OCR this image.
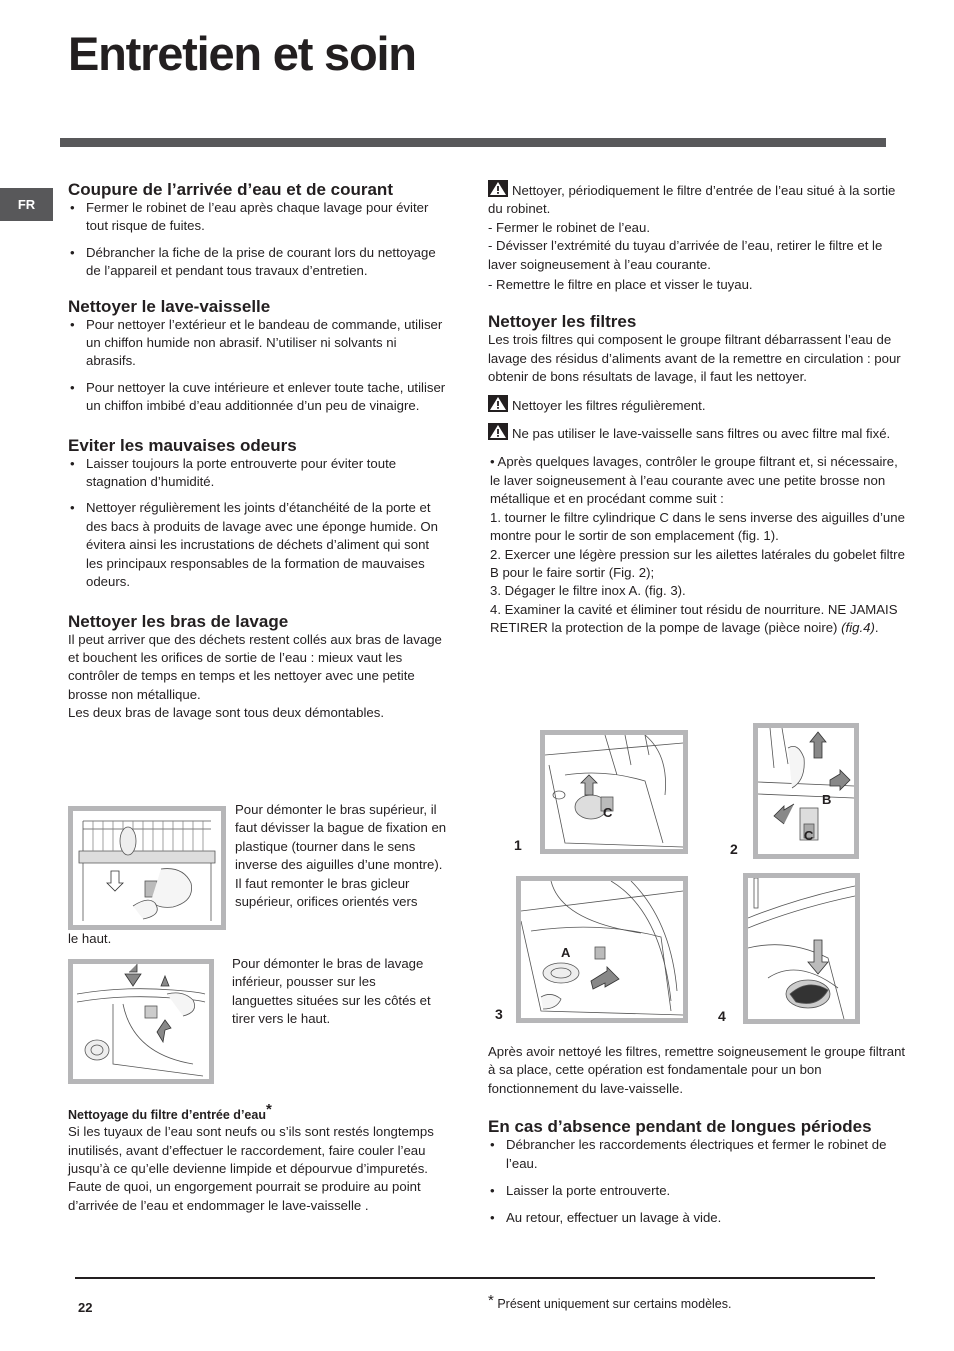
Entretien et soin
FR
Coupure de l’arrivée d’eau et de courant
• Fermer le robinet de l’eau après chaque lavage pour éviter tout risque de fuites.
• Débrancher la fiche de la prise de courant lors du nettoyage de l’appareil et pendant tous travaux d’entretien.
Nettoyer le lave-vaisselle
• Pour nettoyer l’extérieur et le bandeau de commande, utiliser un chiffon humide non abrasif. N’utiliser ni solvants ni abrasifs.
• Pour nettoyer la cuve intérieure et enlever toute tache, utiliser un chiffon imbibé d’eau additionnée d’un peu de vinaigre.
Eviter les mauvaises odeurs
• Laisser toujours la porte entrouverte pour éviter toute stagnation d’humidité.
• Nettoyer régulièrement les joints d’étanchéité de la porte et des bacs à produits de lavage avec une éponge humide. On évitera ainsi les incrustations de déchets d’aliment qui sont les principaux responsables de la formation de mauvaises odeurs.
Nettoyer les bras de lavage

Il peut arriver que des déchets restent collés aux bras de lavage et bouchent les orifices de sortie de l’eau : mieux vaut les contrôler de temps en temps et les nettoyer avec une petite brosse non métallique.

Les deux bras de lavage sont tous deux démontables.

Pour démonter le bras supérieur, il faut dévisser la bague de fixation en plastique (tourner dans le sens inverse des aiguilles d’une montre). Il faut remonter le bras gicleur supérieur, orifices orientés vers

le haut.

Pour démonter le bras de lavage inférieur, pousser sur les languettes situées sur les côtés et tirer vers le haut.

Nettoyage du filtre d’entrée d’eau*

Si les tuyaux de l’eau sont neufs ou s’ils sont restés longtemps inutilisés, avant d’effectuer le raccordement, faire couler l’eau jusqu’à ce qu’elle devienne limpide et dépourvue d’impuretés. Faute de quoi, un engorgement pourrait se produire au point d’arrivée de l’eau et endommager le lave-vaisselle .

Nettoyer, périodiquement le filtre d’entrée de l’eau situé à la sortie du robinet.

- Fermer le robinet de l’eau.

- Dévisser l’extrémité du tuyau d’arrivée de l’eau, retirer le filtre et le laver soigneusement à l’eau courante.

- Remettre le filtre en place et visser le tuyau.

Nettoyer les filtres

Les trois filtres qui composent le groupe filtrant débarrassent l’eau de lavage des résidus d’aliments avant de la remettre en circulation : pour obtenir de bons résultats de lavage, il faut les nettoyer.

Nettoyer les filtres régulièrement.

Ne pas utiliser le lave-vaisselle sans filtres ou avec filtre mal fixé.

• Après quelques lavages, contrôler le groupe filtrant et, si nécessaire, le laver soigneusement à l’eau courante avec une petite brosse non métallique et en procédant comme suit :

1. tourner le filtre cylindrique C dans le sens inverse des aiguilles d’une montre pour le sortir de son emplacement (fig. 1).

2. Exercer une légère pression sur les ailettes latérales du gobelet filtre B pour le faire sortir (Fig. 2);

3. Dégager le filtre inox A. (fig. 3).

4. Examiner la cavité et éliminer tout résidu de nourriture. NE JAMAIS RETIRER la protection de la pompe de lavage (pièce noire) (fig.4).

C
1
B
C
2
A
3	4

Après avoir nettoyé les filtres, remettre soigneusement le groupe filtrant à sa place, cette opération est fondamentale pour un bon fonctionnement du lave-vaisselle.

En cas d’absence pendant de longues périodes
• Débrancher les raccordements électriques et fermer le robinet de l’eau.
• Laisser la porte entrouverte.
• Au retour, effectuer un lavage à vide.
22	* Présent uniquement sur certains modèles.
